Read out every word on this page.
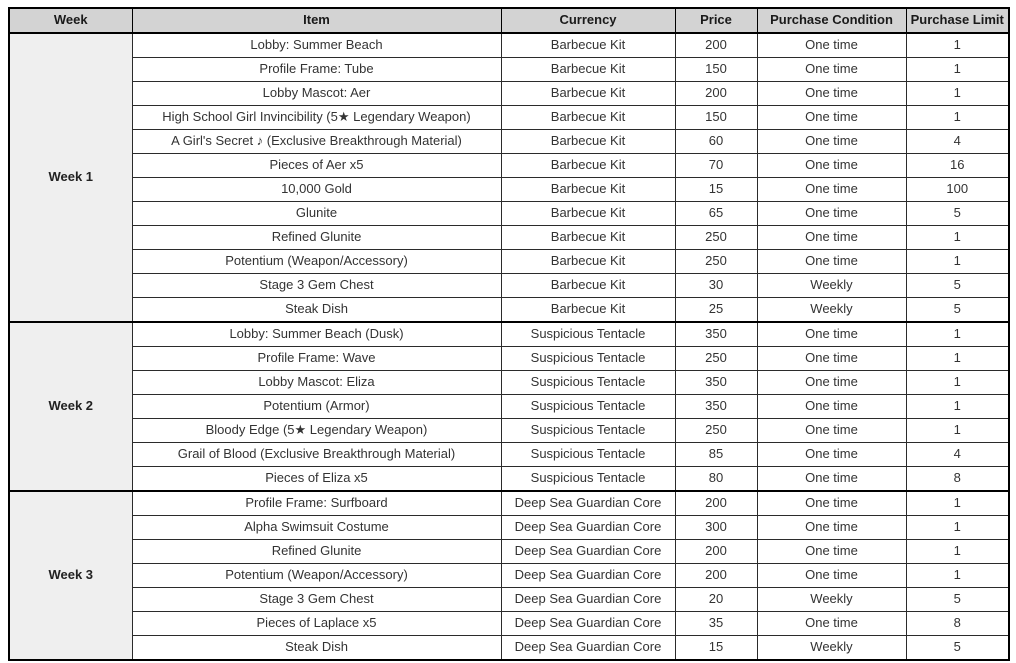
Week	Item	Currency	Price	Purchase Condition	Purchase Limit
Week 1	Lobby: Summer Beach	Barbecue Kit	200	One time	1
	Profile Frame: Tube	Barbecue Kit	150	One time	1
	Lobby Mascot: Aer	Barbecue Kit	200	One time	1
	High School Girl Invincibility (5★ Legendary Weapon)	Barbecue Kit	150	One time	1
	A Girl's Secret ♪ (Exclusive Breakthrough Material)	Barbecue Kit	60	One time	4
	Pieces of Aer x5	Barbecue Kit	70	One time	16
	10,000 Gold	Barbecue Kit	15	One time	100
	Glunite	Barbecue Kit	65	One time	5
	Refined Glunite	Barbecue Kit	250	One time	1
	Potentium (Weapon/Accessory)	Barbecue Kit	250	One time	1
	Stage 3 Gem Chest	Barbecue Kit	30	Weekly	5
	Steak Dish	Barbecue Kit	25	Weekly	5
Week 2	Lobby: Summer Beach (Dusk)	Suspicious Tentacle	350	One time	1
	Profile Frame: Wave	Suspicious Tentacle	250	One time	1
	Lobby Mascot: Eliza	Suspicious Tentacle	350	One time	1
	Potentium (Armor)	Suspicious Tentacle	350	One time	1
	Bloody Edge (5★ Legendary Weapon)	Suspicious Tentacle	250	One time	1
	Grail of Blood (Exclusive Breakthrough Material)	Suspicious Tentacle	85	One time	4
	Pieces of Eliza x5	Suspicious Tentacle	80	One time	8
Week 3	Profile Frame: Surfboard	Deep Sea Guardian Core	200	One time	1
	Alpha Swimsuit Costume	Deep Sea Guardian Core	300	One time	1
	Refined Glunite	Deep Sea Guardian Core	200	One time	1
	Potentium (Weapon/Accessory)	Deep Sea Guardian Core	200	One time	1
	Stage 3 Gem Chest	Deep Sea Guardian Core	20	Weekly	5
	Pieces of Laplace x5	Deep Sea Guardian Core	35	One time	8
	Steak Dish	Deep Sea Guardian Core	15	Weekly	5
